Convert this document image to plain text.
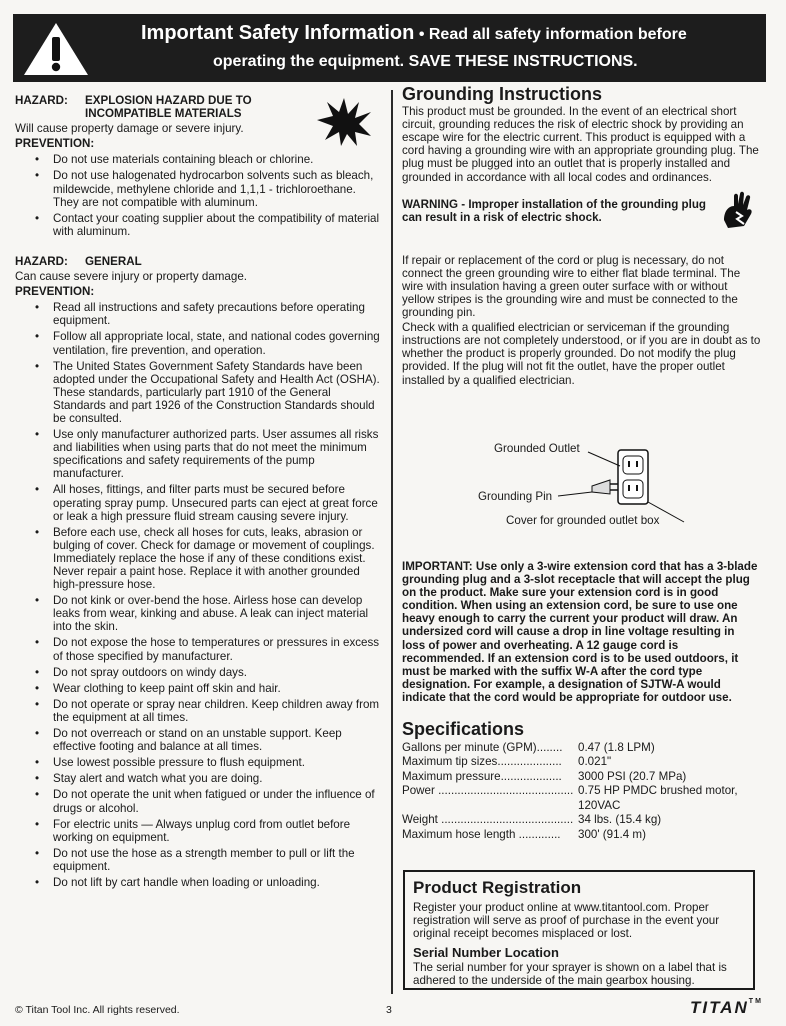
Important Safety Information • Read all safety information before
operating the equipment. SAVE THESE INSTRUCTIONS.
HAZARD:	EXPLOSION HAZARD DUE TO INCOMPATIBLE MATERIALS
Will cause property damage or severe injury.
PREVENTION:
• Do not use materials containing bleach or chlorine.
• Do not use halogenated hydrocarbon solvents such as bleach, mildewcide, methylene chloride and 1,1,1 - trichloroethane. They are not compatible with aluminum.
• Contact your coating supplier about the compatibility of material with aluminum.
HAZARD:	GENERAL
Can cause severe injury or property damage.
PREVENTION:
• Read all instructions and safety precautions before operating equipment.
• Follow all appropriate local, state, and national codes governing ventilation, fire prevention, and operation.
• The United States Government Safety Standards have been adopted under the Occupational Safety and Health Act (OSHA). These standards, particularly part 1910 of the General Standards and part 1926 of the Construction Standards should be consulted.
• Use only manufacturer authorized parts. User assumes all risks and liabilities when using parts that do not meet the minimum specifications and safety requirements of the pump manufacturer.
• All hoses, fittings, and filter parts must be secured before operating spray pump. Unsecured parts can eject at great force or leak a high pressure fluid stream causing severe injury.
• Before each use, check all hoses for cuts, leaks, abrasion or bulging of cover. Check for damage or movement of couplings. Immediately replace the hose if any of these conditions exist. Never repair a paint hose. Replace it with another grounded high-pressure hose.
• Do not kink or over-bend the hose. Airless hose can develop leaks from wear, kinking and abuse. A leak can inject material into the skin.
• Do not expose the hose to temperatures or pressures in excess of those specified by manufacturer.
• Do not spray outdoors on windy days.
• Wear clothing to keep paint off skin and hair.
• Do not operate or spray near children. Keep children away from the equipment at all times.
• Do not overreach or stand on an unstable support. Keep effective footing and balance at all times.
• Use lowest possible pressure to flush equipment.
• Stay alert and watch what you are doing.
• Do not operate the unit when fatigued or under the influence of drugs or alcohol.
• For electric units — Always unplug cord from outlet before working on equipment.
• Do not use the hose as a strength member to pull or lift the equipment.
• Do not lift by cart handle when loading or unloading.
Grounding Instructions
This product must be grounded. In the event of an electrical short circuit, grounding reduces the risk of electric shock by providing an escape wire for the electric current. This product is equipped with a cord having a grounding wire with an appropriate grounding plug. The plug must be plugged into an outlet that is properly installed and grounded in accordance with all local codes and ordinances.
WARNING - Improper installation of the grounding plug can result in a risk of electric shock.
If repair or replacement of the cord or plug is necessary, do not connect the green grounding wire to either flat blade terminal. The wire with insulation having a green outer surface with or without yellow stripes is the grounding wire and must be connected to the grounding pin.
Check with a qualified electrician or serviceman if the grounding instructions are not completely understood, or if you are in doubt as to whether the product is properly grounded. Do not modify the plug provided. If the plug will not fit the outlet, have the proper outlet installed by a qualified electrician.
Grounded Outlet
Grounding Pin
Cover for grounded outlet box
IMPORTANT: Use only a 3-wire extension cord that has a 3-blade grounding plug and a 3-slot receptacle that will accept the plug on the product. Make sure your extension cord is in good condition. When using an extension cord, be sure to use one heavy enough to carry the current your product will draw. An undersized cord will cause a drop in line voltage resulting in loss of power and overheating. A 12 gauge cord is recommended. If an extension cord is to be used outdoors, it must be marked with the suffix W-A after the cord type designation. For example, a designation of SJTW-A would indicate that the cord would be appropriate for outdoor use.
Specifications
Gallons per minute (GPM)........	0.47 (1.8 LPM)
Maximum tip sizes....................	0.021"
Maximum pressure...................	3000 PSI (20.7 MPa)
Power .......................................... 0.75 HP PMDC brushed motor, 120VAC
Weight ......................................... 34 lbs. (15.4 kg)
Maximum hose length .............	300' (91.4 m)
Product Registration
Register your product online at www.titantool.com. Proper registration will serve as proof of purchase in the event your original receipt becomes misplaced or lost.
Serial Number Location
The serial number for your sprayer is shown on a label that is adhered to the underside of the main gearbox housing.
© Titan Tool Inc. All rights reserved.	3	TITAN™
